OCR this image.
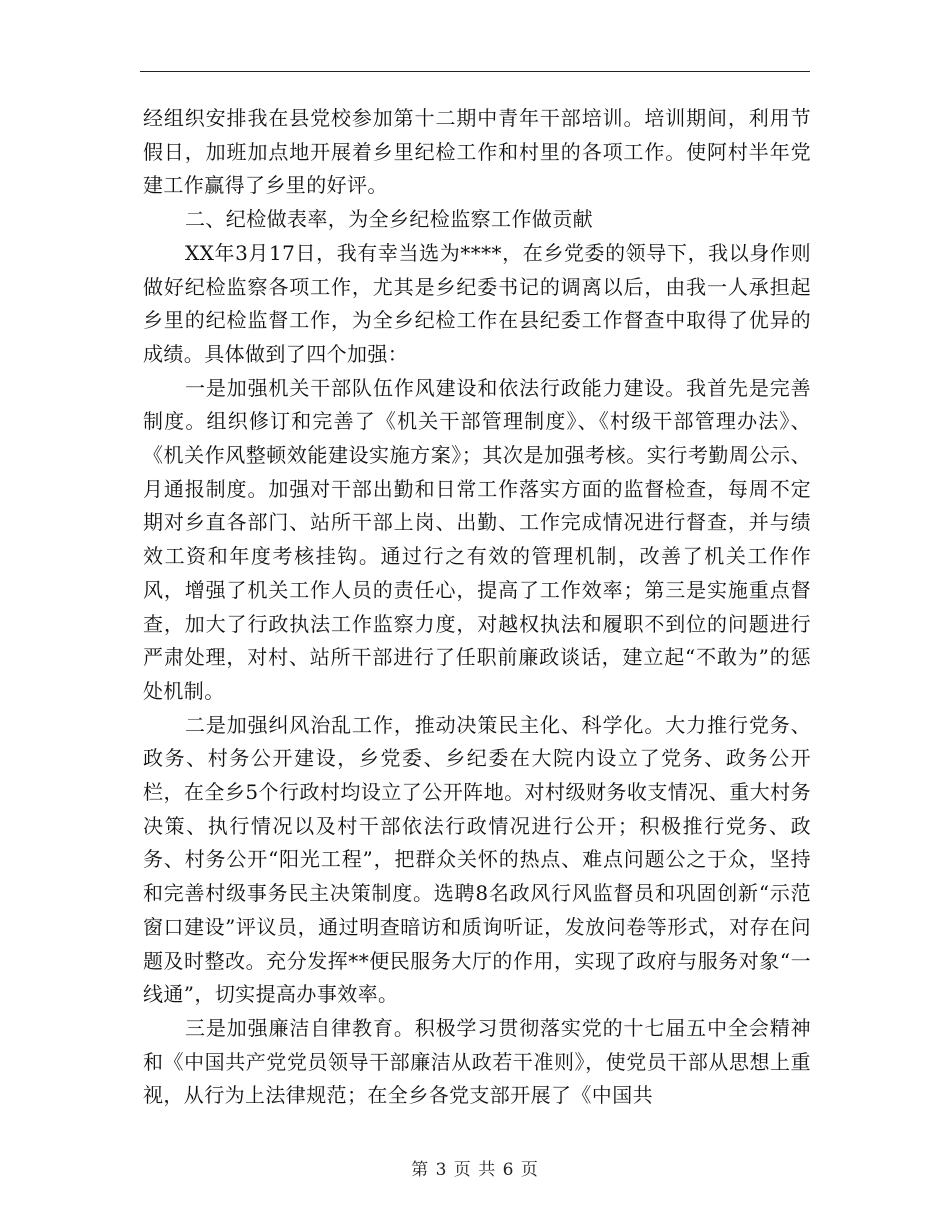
经组织安排我在县党校参加第十二期中青年干部培训。培训期间，利用节假日，加班加点地开展着乡里纪检工作和村里的各项工作。使阿村半年党建工作赢得了乡里的好评。

二、纪检做表率，为全乡纪检监察工作做贡献

XX年3月17日，我有幸当选为****，在乡党委的领导下，我以身作则做好纪检监察各项工作，尤其是乡纪委书记的调离以后，由我一人承担起乡里的纪检监督工作，为全乡纪检工作在县纪委工作督查中取得了优异的成绩。具体做到了四个加强：

一是加强机关干部队伍作风建设和依法行政能力建设。我首先是完善制度。组织修订和完善了《机关干部管理制度》、《村级干部管理办法》、《机关作风整顿效能建设实施方案》；其次是加强考核。实行考勤周公示、月通报制度。加强对干部出勤和日常工作落实方面的监督检查，每周不定期对乡直各部门、站所干部上岗、出勤、工作完成情况进行督查，并与绩效工资和年度考核挂钩。通过行之有效的管理机制，改善了机关工作作风，增强了机关工作人员的责任心，提高了工作效率；第三是实施重点督查，加大了行政执法工作监察力度，对越权执法和履职不到位的问题进行严肃处理，对村、站所干部进行了任职前廉政谈话，建立起“不敢为”的惩处机制。

二是加强纠风治乱工作，推动决策民主化、科学化。大力推行党务、政务、村务公开建设，乡党委、乡纪委在大院内设立了党务、政务公开栏，在全乡5个行政村均设立了公开阵地。对村级财务收支情况、重大村务决策、执行情况以及村干部依法行政情况进行公开；积极推行党务、政务、村务公开“阳光工程”，把群众关怀的热点、难点问题公之于众，坚持和完善村级事务民主决策制度。选聘8名政风行风监督员和巩固创新“示范窗口建设”评议员，通过明查暗访和质询听证，发放问卷等形式，对存在问题及时整改。充分发挥**便民服务大厅的作用，实现了政府与服务对象“一线通”，切实提高办事效率。

三是加强廉洁自律教育。积极学习贯彻落实党的十七届五中全会精神和《中国共产党党员领导干部廉洁从政若干准则》，使党员干部从思想上重视，从行为上法律规范；在全乡各党支部开展了《中国共

第 3 页 共 6 页
